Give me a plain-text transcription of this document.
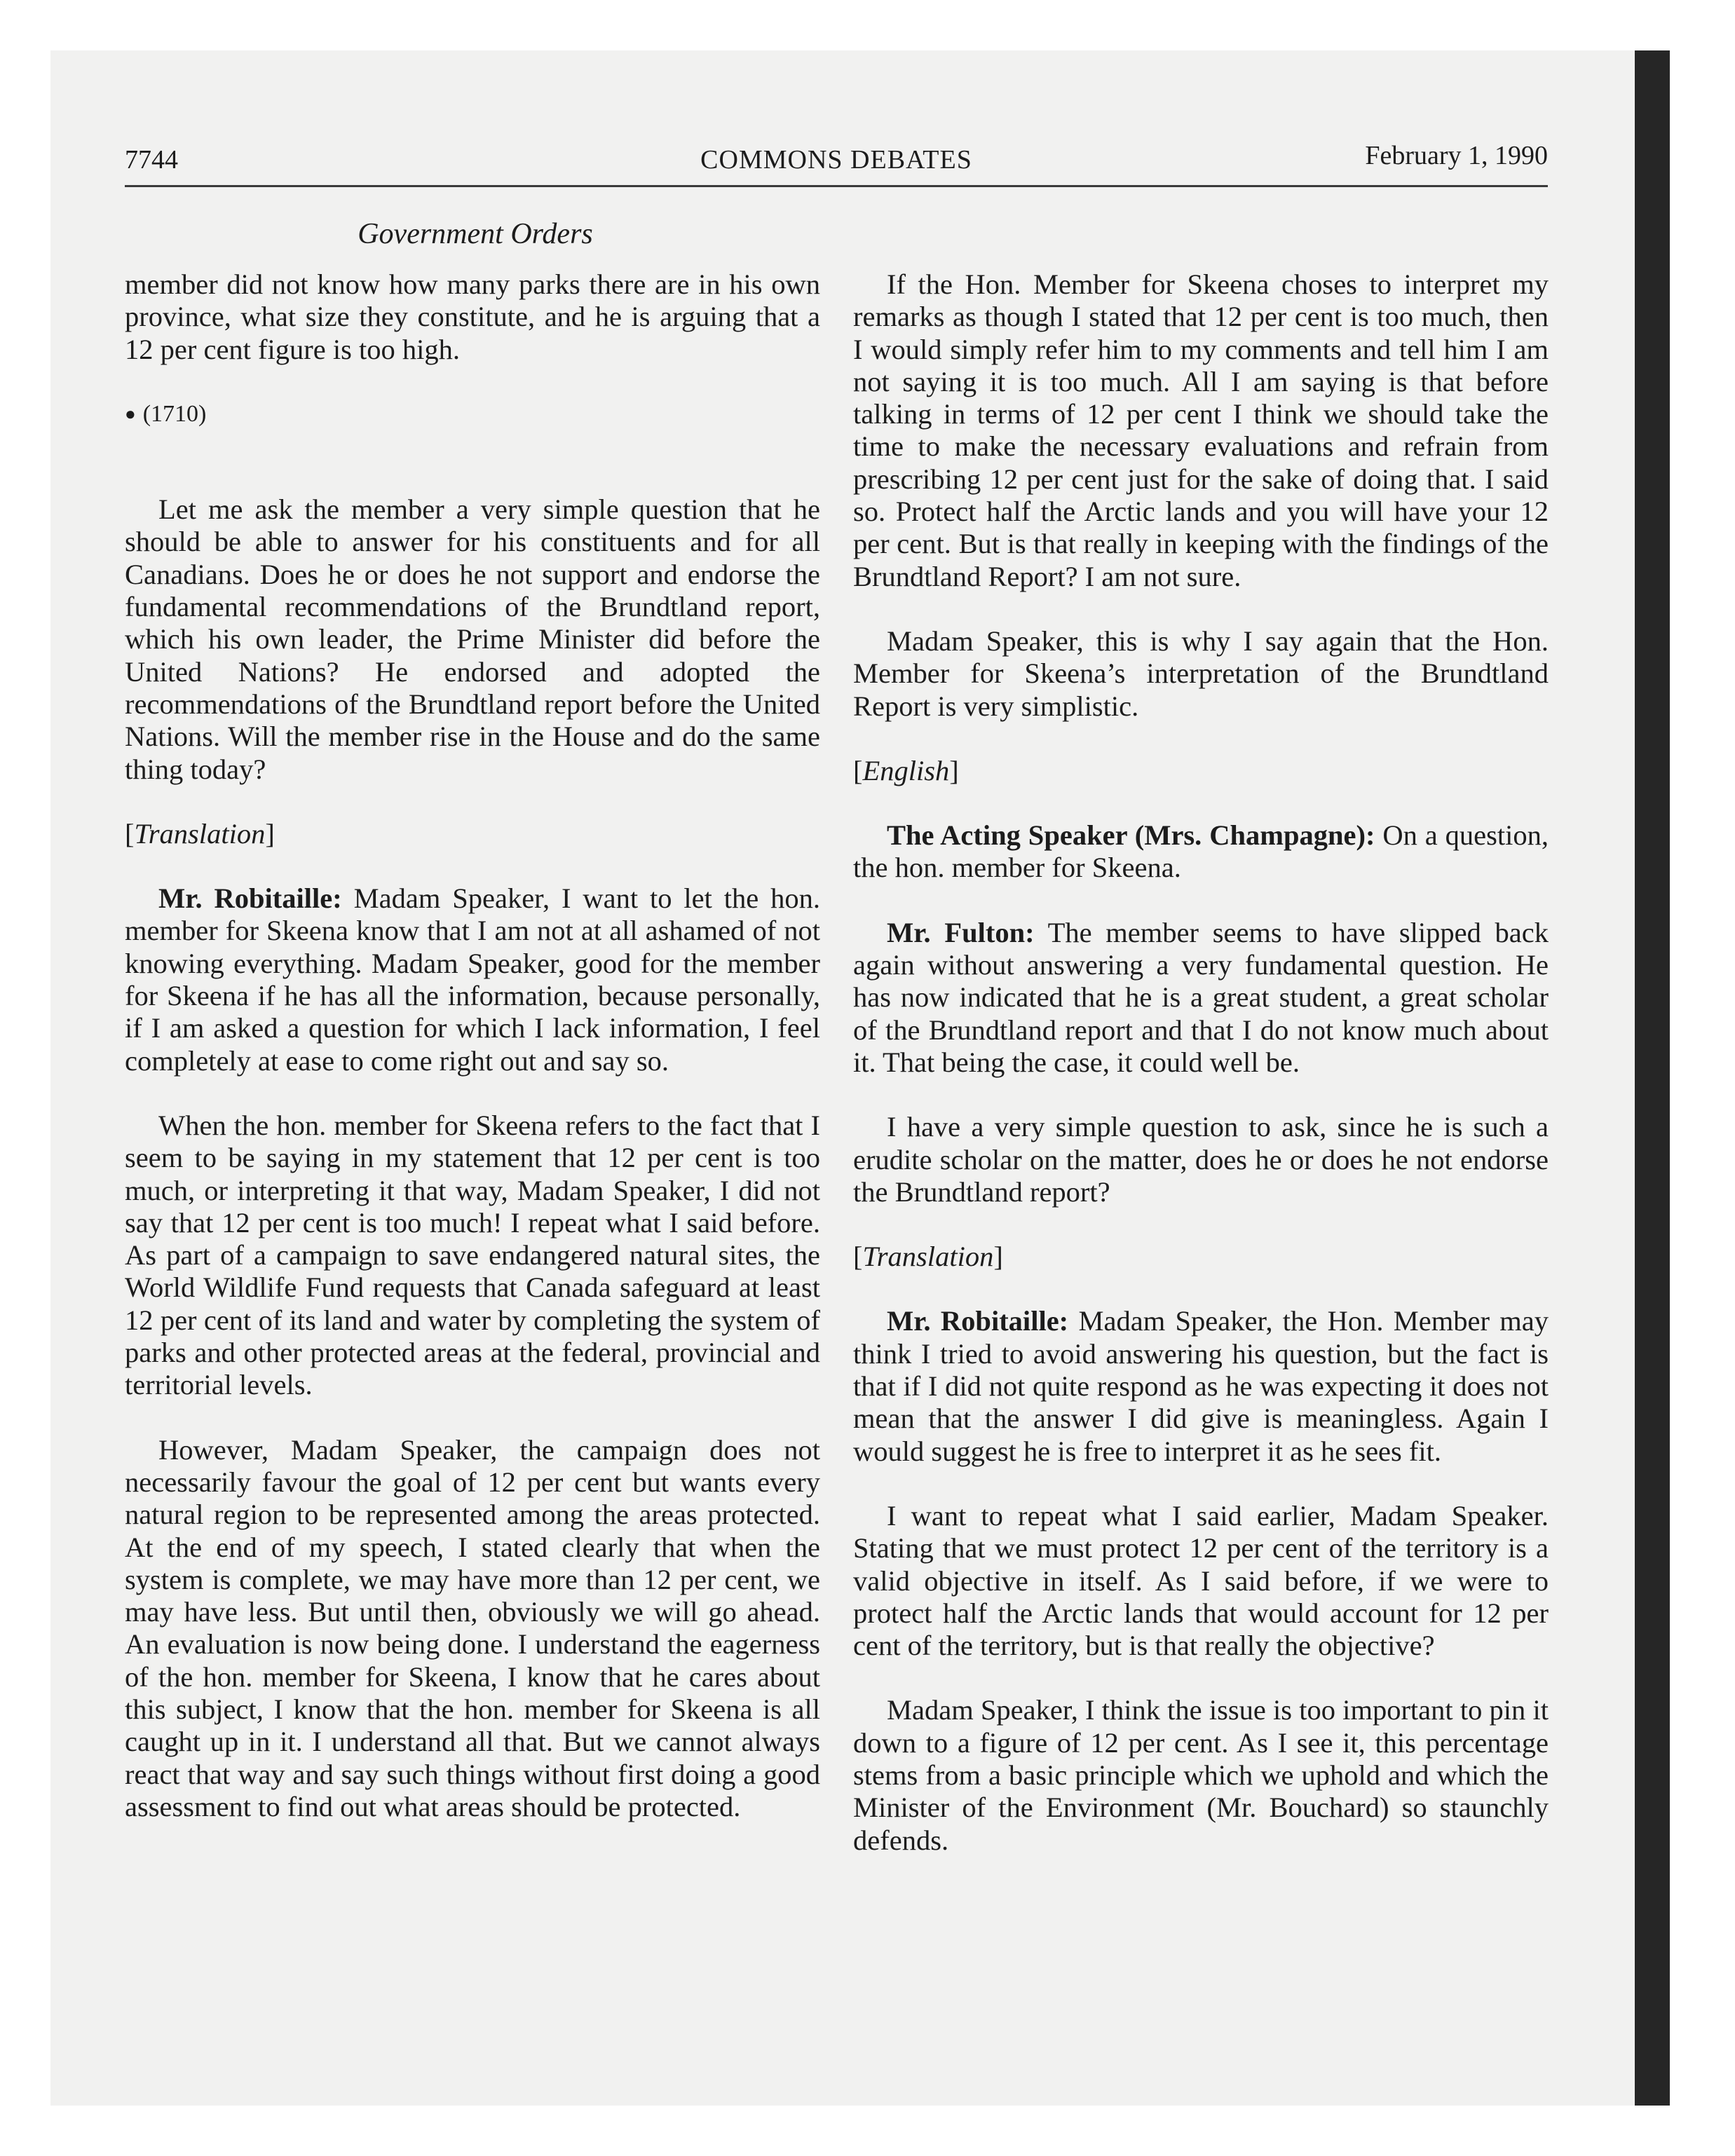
7744	COMMONS DEBATES	February 1, 1990
Government Orders

member did not know how many parks there are in his own province, what size they constitute, and he is arguing that a 12 per cent figure is too high.

● (1710)

Let me ask the member a very simple question that he should be able to answer for his constituents and for all Canadians. Does he or does he not support and endorse the fundamental recommendations of the Brundtland report, which his own leader, the Prime Minister did before the United Nations? He endorsed and adopted the recommendations of the Brundtland report before the United Nations. Will the member rise in the House and do the same thing today?

[Translation]

Mr. Robitaille: Madam Speaker, I want to let the hon. member for Skeena know that I am not at all ashamed of not knowing everything. Madam Speaker, good for the member for Skeena if he has all the information, because personally, if I am asked a question for which I lack information, I feel completely at ease to come right out and say so.

When the hon. member for Skeena refers to the fact that I seem to be saying in my statement that 12 per cent is too much, or interpreting it that way, Madam Speaker, I did not say that 12 per cent is too much! I repeat what I said before. As part of a campaign to save endangered natural sites, the World Wildlife Fund requests that Canada safeguard at least 12 per cent of its land and water by completing the system of parks and other protected areas at the federal, provincial and territorial levels.

However, Madam Speaker, the campaign does not necessarily favour the goal of 12 per cent but wants every natural region to be represented among the areas protected. At the end of my speech, I stated clearly that when the system is complete, we may have more than 12 per cent, we may have less. But until then, obviously we will go ahead. An evaluation is now being done. I understand the eagerness of the hon. member for Skeena, I know that he cares about this subject, I know that the hon. member for Skeena is all caught up in it. I understand all that. But we cannot always react that way and say such things without first doing a good assessment to find out what areas should be protected.

If the Hon. Member for Skeena choses to interpret my remarks as though I stated that 12 per cent is too much, then I would simply refer him to my comments and tell him I am not saying it is too much. All I am saying is that before talking in terms of 12 per cent I think we should take the time to make the necessary evaluations and refrain from prescribing 12 per cent just for the sake of doing that. I said so. Protect half the Arctic lands and you will have your 12 per cent. But is that really in keeping with the findings of the Brundtland Report? I am not sure.

Madam Speaker, this is why I say again that the Hon. Member for Skeena’s interpretation of the Brundtland Report is very simplistic.

[English]

The Acting Speaker (Mrs. Champagne): On a question, the hon. member for Skeena.

Mr. Fulton: The member seems to have slipped back again without answering a very fundamental question. He has now indicated that he is a great student, a great scholar of the Brundtland report and that I do not know much about it. That being the case, it could well be.

I have a very simple question to ask, since he is such a erudite scholar on the matter, does he or does he not endorse the Brundtland report?

[Translation]

Mr. Robitaille: Madam Speaker, the Hon. Member may think I tried to avoid answering his question, but the fact is that if I did not quite respond as he was expecting it does not mean that the answer I did give is meaningless. Again I would suggest he is free to interpret it as he sees fit.

I want to repeat what I said earlier, Madam Speaker. Stating that we must protect 12 per cent of the territory is a valid objective in itself. As I said before, if we were to protect half the Arctic lands that would account for 12 per cent of the territory, but is that really the objective?

Madam Speaker, I think the issue is too important to pin it down to a figure of 12 per cent. As I see it, this percentage stems from a basic principle which we uphold and which the Minister of the Environment (Mr. Bouchard) so staunchly defends.
